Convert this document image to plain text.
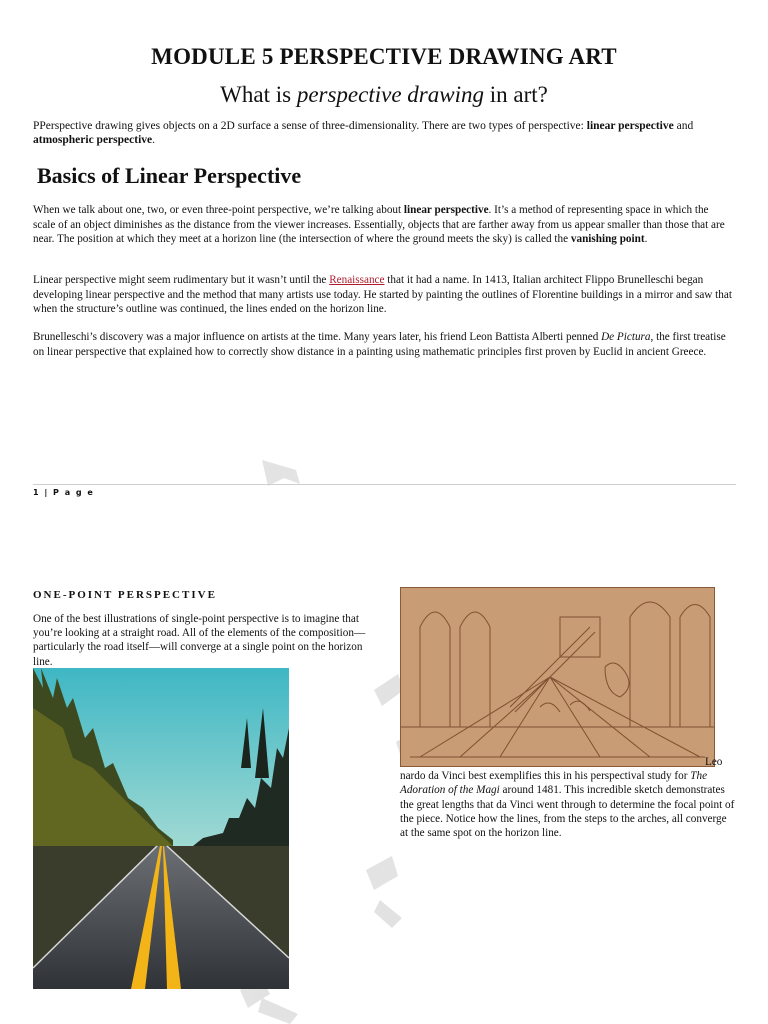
MODULE 5 PERSPECTIVE DRAWING ART
What is perspective drawing in art?
PPerspective drawing gives objects on a 2D surface a sense of three-dimensionality. There are two types of perspective: linear perspective and atmospheric perspective.
Basics of Linear Perspective
When we talk about one, two, or even three-point perspective, we’re talking about linear perspective. It’s a method of representing space in which the scale of an object diminishes as the distance from the viewer increases. Essentially, objects that are farther away from us appear smaller than those that are near. The position at which they meet at a horizon line (the intersection of where the ground meets the sky) is called the vanishing point.
Linear perspective might seem rudimentary but it wasn’t until the Renaissance that it had a name. In 1413, Italian architect Flippo Brunelleschi began developing linear perspective and the method that many artists use today. He started by painting the outlines of Florentine buildings in a mirror and saw that when the structure’s outline was continued, the lines ended on the horizon line.
Brunelleschi’s discovery was a major influence on artists at the time. Many years later, his friend Leon Battista Alberti penned De Pictura, the first treatise on linear perspective that explained how to correctly show distance in a painting using mathematic principles first proven by Euclid in ancient Greece.
1 | P a g e
ONE-POINT PERSPECTIVE
One of the best illustrations of single-point perspective is to imagine that you’re looking at a straight road. All of the elements of the composition—particularly the road itself—will converge at a single point on the horizon line.
Leo nardo da Vinci best exemplifies this in his perspectival study for The Adoration of the Magi around 1481. This incredible sketch demonstrates the great lengths that da Vinci went through to determine the focal point of the piece. Notice how the lines, from the steps to the arches, all converge at the same spot on the horizon line.
